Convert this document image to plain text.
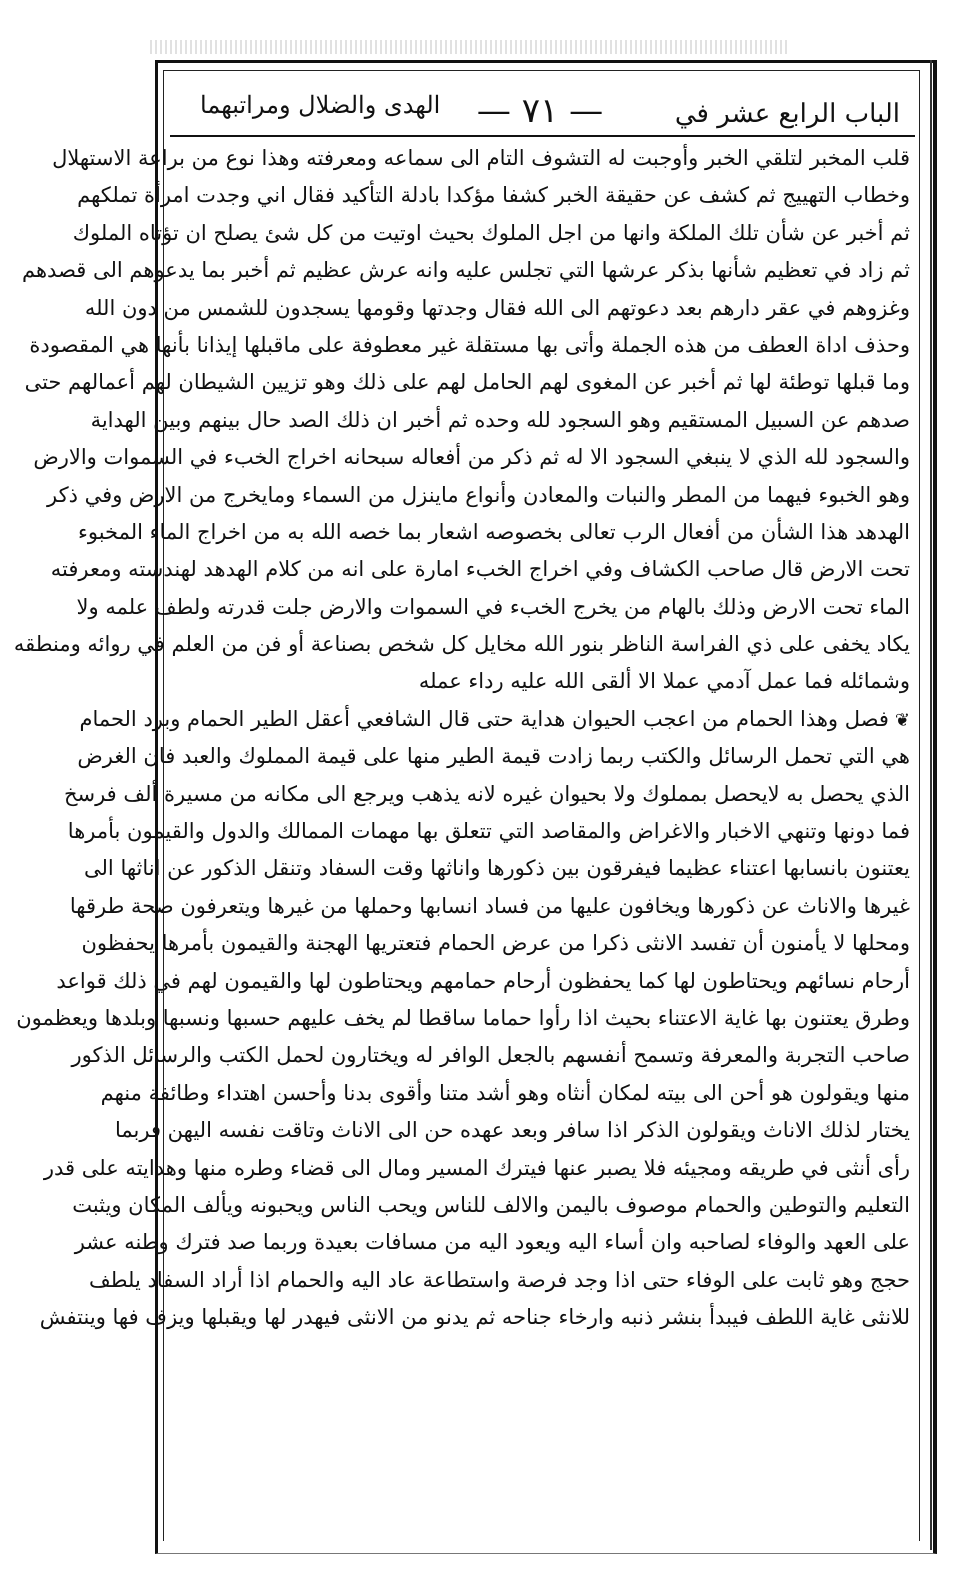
الباب الرابع عشر في
— ٧١ —
الهدى والضلال ومراتبهما
قلب المخبر لتلقي الخبر وأوجبت له التشوف التام الى سماعه ومعرفته وهذا نوع من براعة الاستهلال
وخطاب التهييج ثم كشف عن حقيقة الخبر كشفا مؤكدا بادلة التأكيد فقال اني وجدت امرأة تملكهم
ثم أخبر عن شأن تلك الملكة وانها من اجل الملوك بحيث اوتيت من كل شئ يصلح ان تؤتاه الملوك
ثم زاد في تعظيم شأنها بذكر عرشها التي تجلس عليه وانه عرش عظيم ثم أخبر بما يدعوهم الى قصدهم
وغزوهم في عقر دارهم بعد دعوتهم الى الله فقال وجدتها وقومها يسجدون للشمس من دون الله
وحذف اداة العطف من هذه الجملة وأتى بها مستقلة غير معطوفة على ماقبلها إيذانا بأنها هي المقصودة
وما قبلها توطئة لها ثم أخبر عن المغوى لهم الحامل لهم على ذلك وهو تزيين الشيطان لهم أعمالهم حتى
صدهم عن السبيل المستقيم وهو السجود لله وحده ثم أخبر ان ذلك الصد حال بينهم وبين الهداية
والسجود لله الذي لا ينبغي السجود الا له ثم ذكر من أفعاله سبحانه اخراج الخبء في السموات والارض
وهو الخبوء فيهما من المطر والنبات والمعادن وأنواع ماينزل من السماء ومايخرج من الارض وفي ذكر
الهدهد هذا الشأن من أفعال الرب تعالى بخصوصه اشعار بما خصه الله به من اخراج الماء المخبوء
تحت الارض قال صاحب الكشاف وفي اخراج الخبء امارة على انه من كلام الهدهد لهندسته ومعرفته
الماء تحت الارض وذلك بالهام من يخرج الخبء في السموات والارض جلت قدرته ولطف علمه ولا
يكاد يخفى على ذي الفراسة الناظر بنور الله مخايل كل شخص بصناعة أو فن من العلم في روائه ومنطقه
وشمائله فما عمل آدمي عملا الا ألقى الله عليه رداء عمله
❦فصل وهذا الحمام من اعجب الحيوان هداية حتى قال الشافعي أعقل الطير الحمام وبرد الحمام
هي التي تحمل الرسائل والكتب ربما زادت قيمة الطير منها على قيمة المملوك والعبد فان الغرض
الذي يحصل به لايحصل بمملوك ولا بحيوان غيره لانه يذهب ويرجع الى مكانه من مسيرة ألف فرسخ
فما دونها وتنهي الاخبار والاغراض والمقاصد التي تتعلق بها مهمات الممالك والدول والقيمون بأمرها
يعتنون بانسابها اعتناء عظيما فيفرقون بين ذكورها واناثها وقت السفاد وتنقل الذكور عن اناثها الى
غيرها والاناث عن ذكورها ويخافون عليها من فساد انسابها وحملها من غيرها ويتعرفون صحة طرقها
ومحلها لا يأمنون أن تفسد الانثى ذكرا من عرض الحمام فتعتريها الهجنة والقيمون بأمرها يحفظون
أرحام نسائهم ويحتاطون لها كما يحفظون أرحام حمامهم ويحتاطون لها والقيمون لهم في ذلك قواعد
وطرق يعتنون بها غاية الاعتناء بحيث اذا رأوا حماما ساقطا لم يخف عليهم حسبها ونسبها وبلدها ويعظمون
صاحب التجربة والمعرفة وتسمح أنفسهم بالجعل الوافر له ويختارون لحمل الكتب والرسائل الذكور
منها ويقولون هو أحن الى بيته لمكان أنثاه وهو أشد متنا وأقوى بدنا وأحسن اهتداء وطائفة منهم
يختار لذلك الاناث ويقولون الذكر اذا سافر وبعد عهده حن الى الاناث وتاقت نفسه اليهن فربما
رأى أنثى في طريقه ومجيئه فلا يصبر عنها فيترك المسير ومال الى قضاء وطره منها وهدايته على قدر
التعليم والتوطين والحمام موصوف باليمن والالف للناس ويحب الناس ويحبونه ويألف المكان ويثبت
على العهد والوفاء لصاحبه وان أساء اليه ويعود اليه من مسافات بعيدة وربما صد فترك وطنه عشر
حجج وهو ثابت على الوفاء حتى اذا وجد فرصة واستطاعة عاد اليه والحمام اذا أراد السفاد يلطف
للانثى غاية اللطف فيبدأ بنشر ذنبه وارخاء جناحه ثم يدنو من الانثى فيهدر لها ويقبلها ويزف فها وينتفش
